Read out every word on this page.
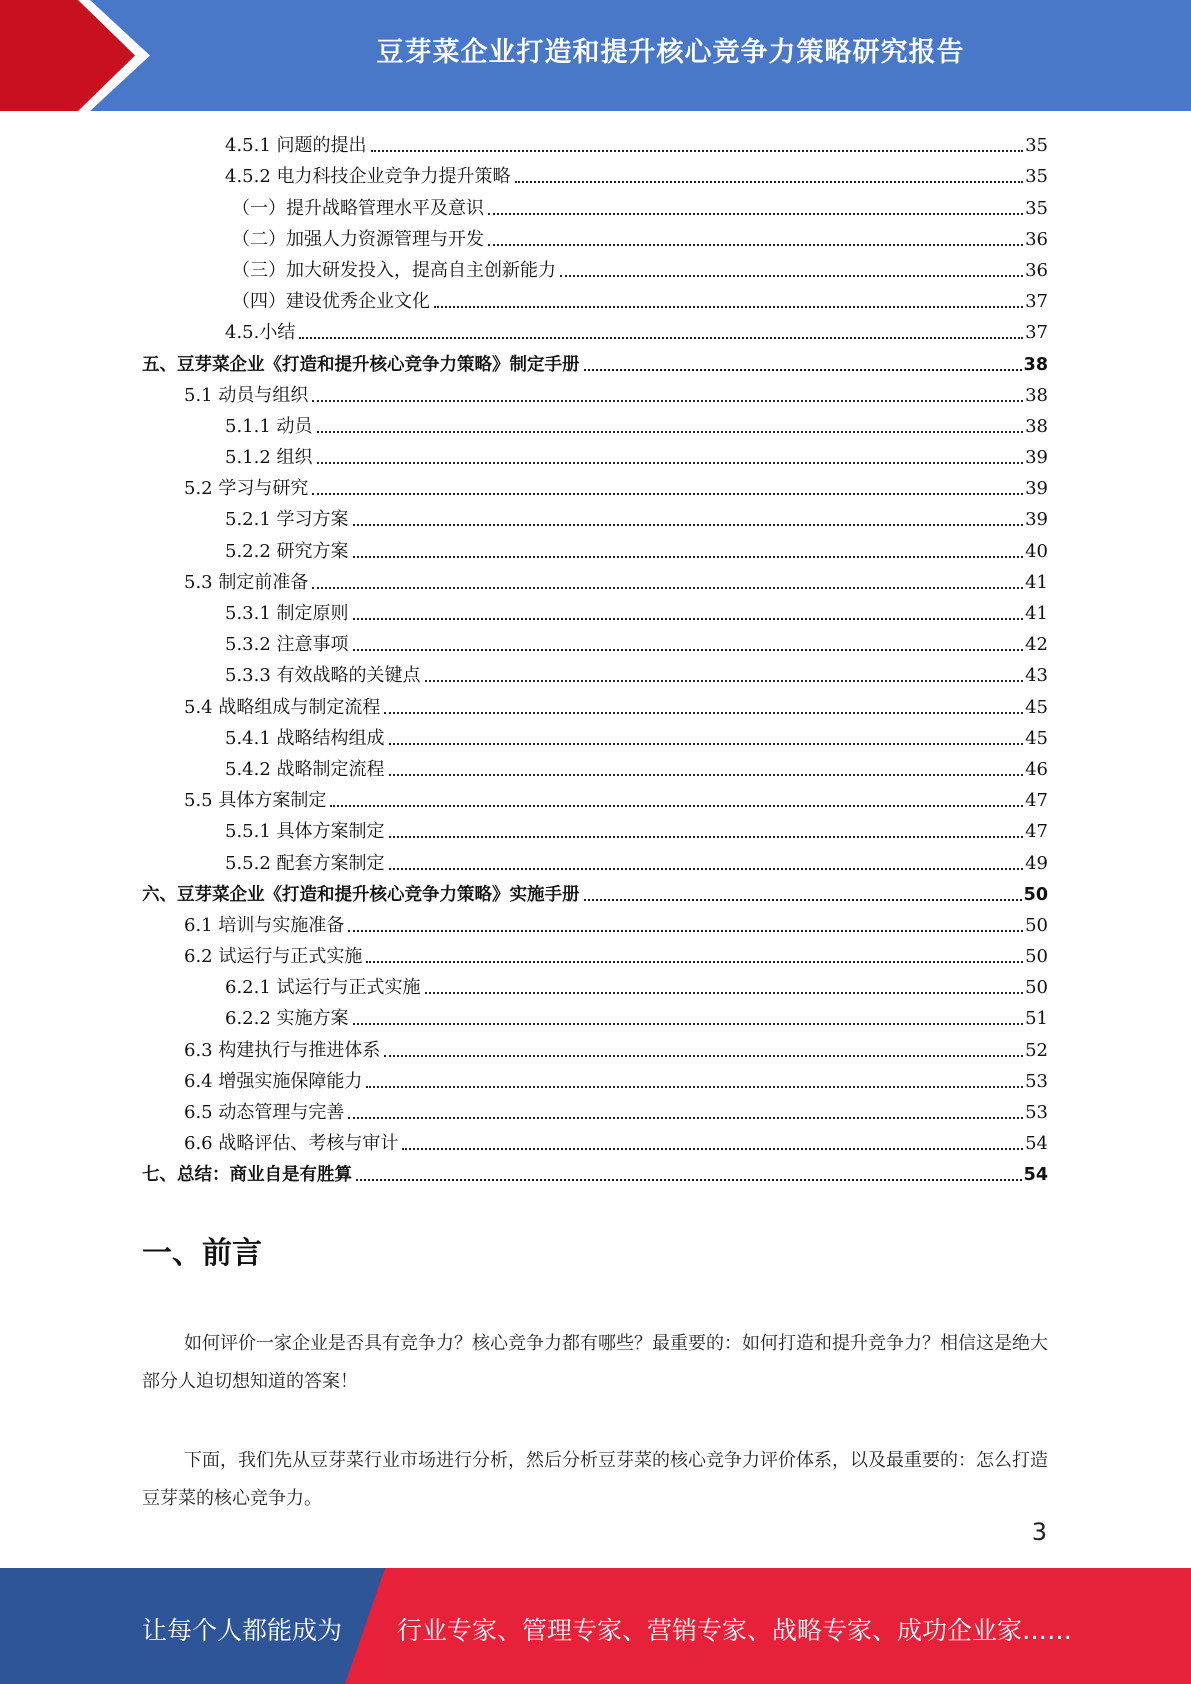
豆芽菜企业打造和提升核心竞争力策略研究报告
4.5.1 问题的提出	35
4.5.2 电力科技企业竞争力提升策略	35
（一）提升战略管理水平及意识	35
（二）加强人力资源管理与开发	36
（三）加大研发投入，提高自主创新能力	36
（四）建设优秀企业文化	37
4.5.小结	37
五、豆芽菜企业《打造和提升核心竞争力策略》制定手册	38
5.1 动员与组织	38
5.1.1 动员	38
5.1.2 组织	39
5.2 学习与研究	39
5.2.1 学习方案	39
5.2.2 研究方案	40
5.3 制定前准备	41
5.3.1 制定原则	41
5.3.2 注意事项	42
5.3.3 有效战略的关键点	43
5.4 战略组成与制定流程	45
5.4.1 战略结构组成	45
5.4.2 战略制定流程	46
5.5 具体方案制定	47
5.5.1 具体方案制定	47
5.5.2 配套方案制定	49
六、豆芽菜企业《打造和提升核心竞争力策略》实施手册	50
6.1 培训与实施准备	50
6.2 试运行与正式实施	50
6.2.1 试运行与正式实施	50
6.2.2 实施方案	51
6.3 构建执行与推进体系	52
6.4 增强实施保障能力	53
6.5 动态管理与完善	53
6.6 战略评估、考核与审计	54
七、总结：商业自是有胜算	54
一、前言
如何评价一家企业是否具有竞争力？核心竞争力都有哪些？最重要的：如何打造和提升竞争力？相信这是绝大部分人迫切想知道的答案！
下面，我们先从豆芽菜行业市场进行分析，然后分析豆芽菜的核心竞争力评价体系，以及最重要的：怎么打造豆芽菜的核心竞争力。
3
让每个人都能成为 行业专家、管理专家、营销专家、战略专家、成功企业家……
